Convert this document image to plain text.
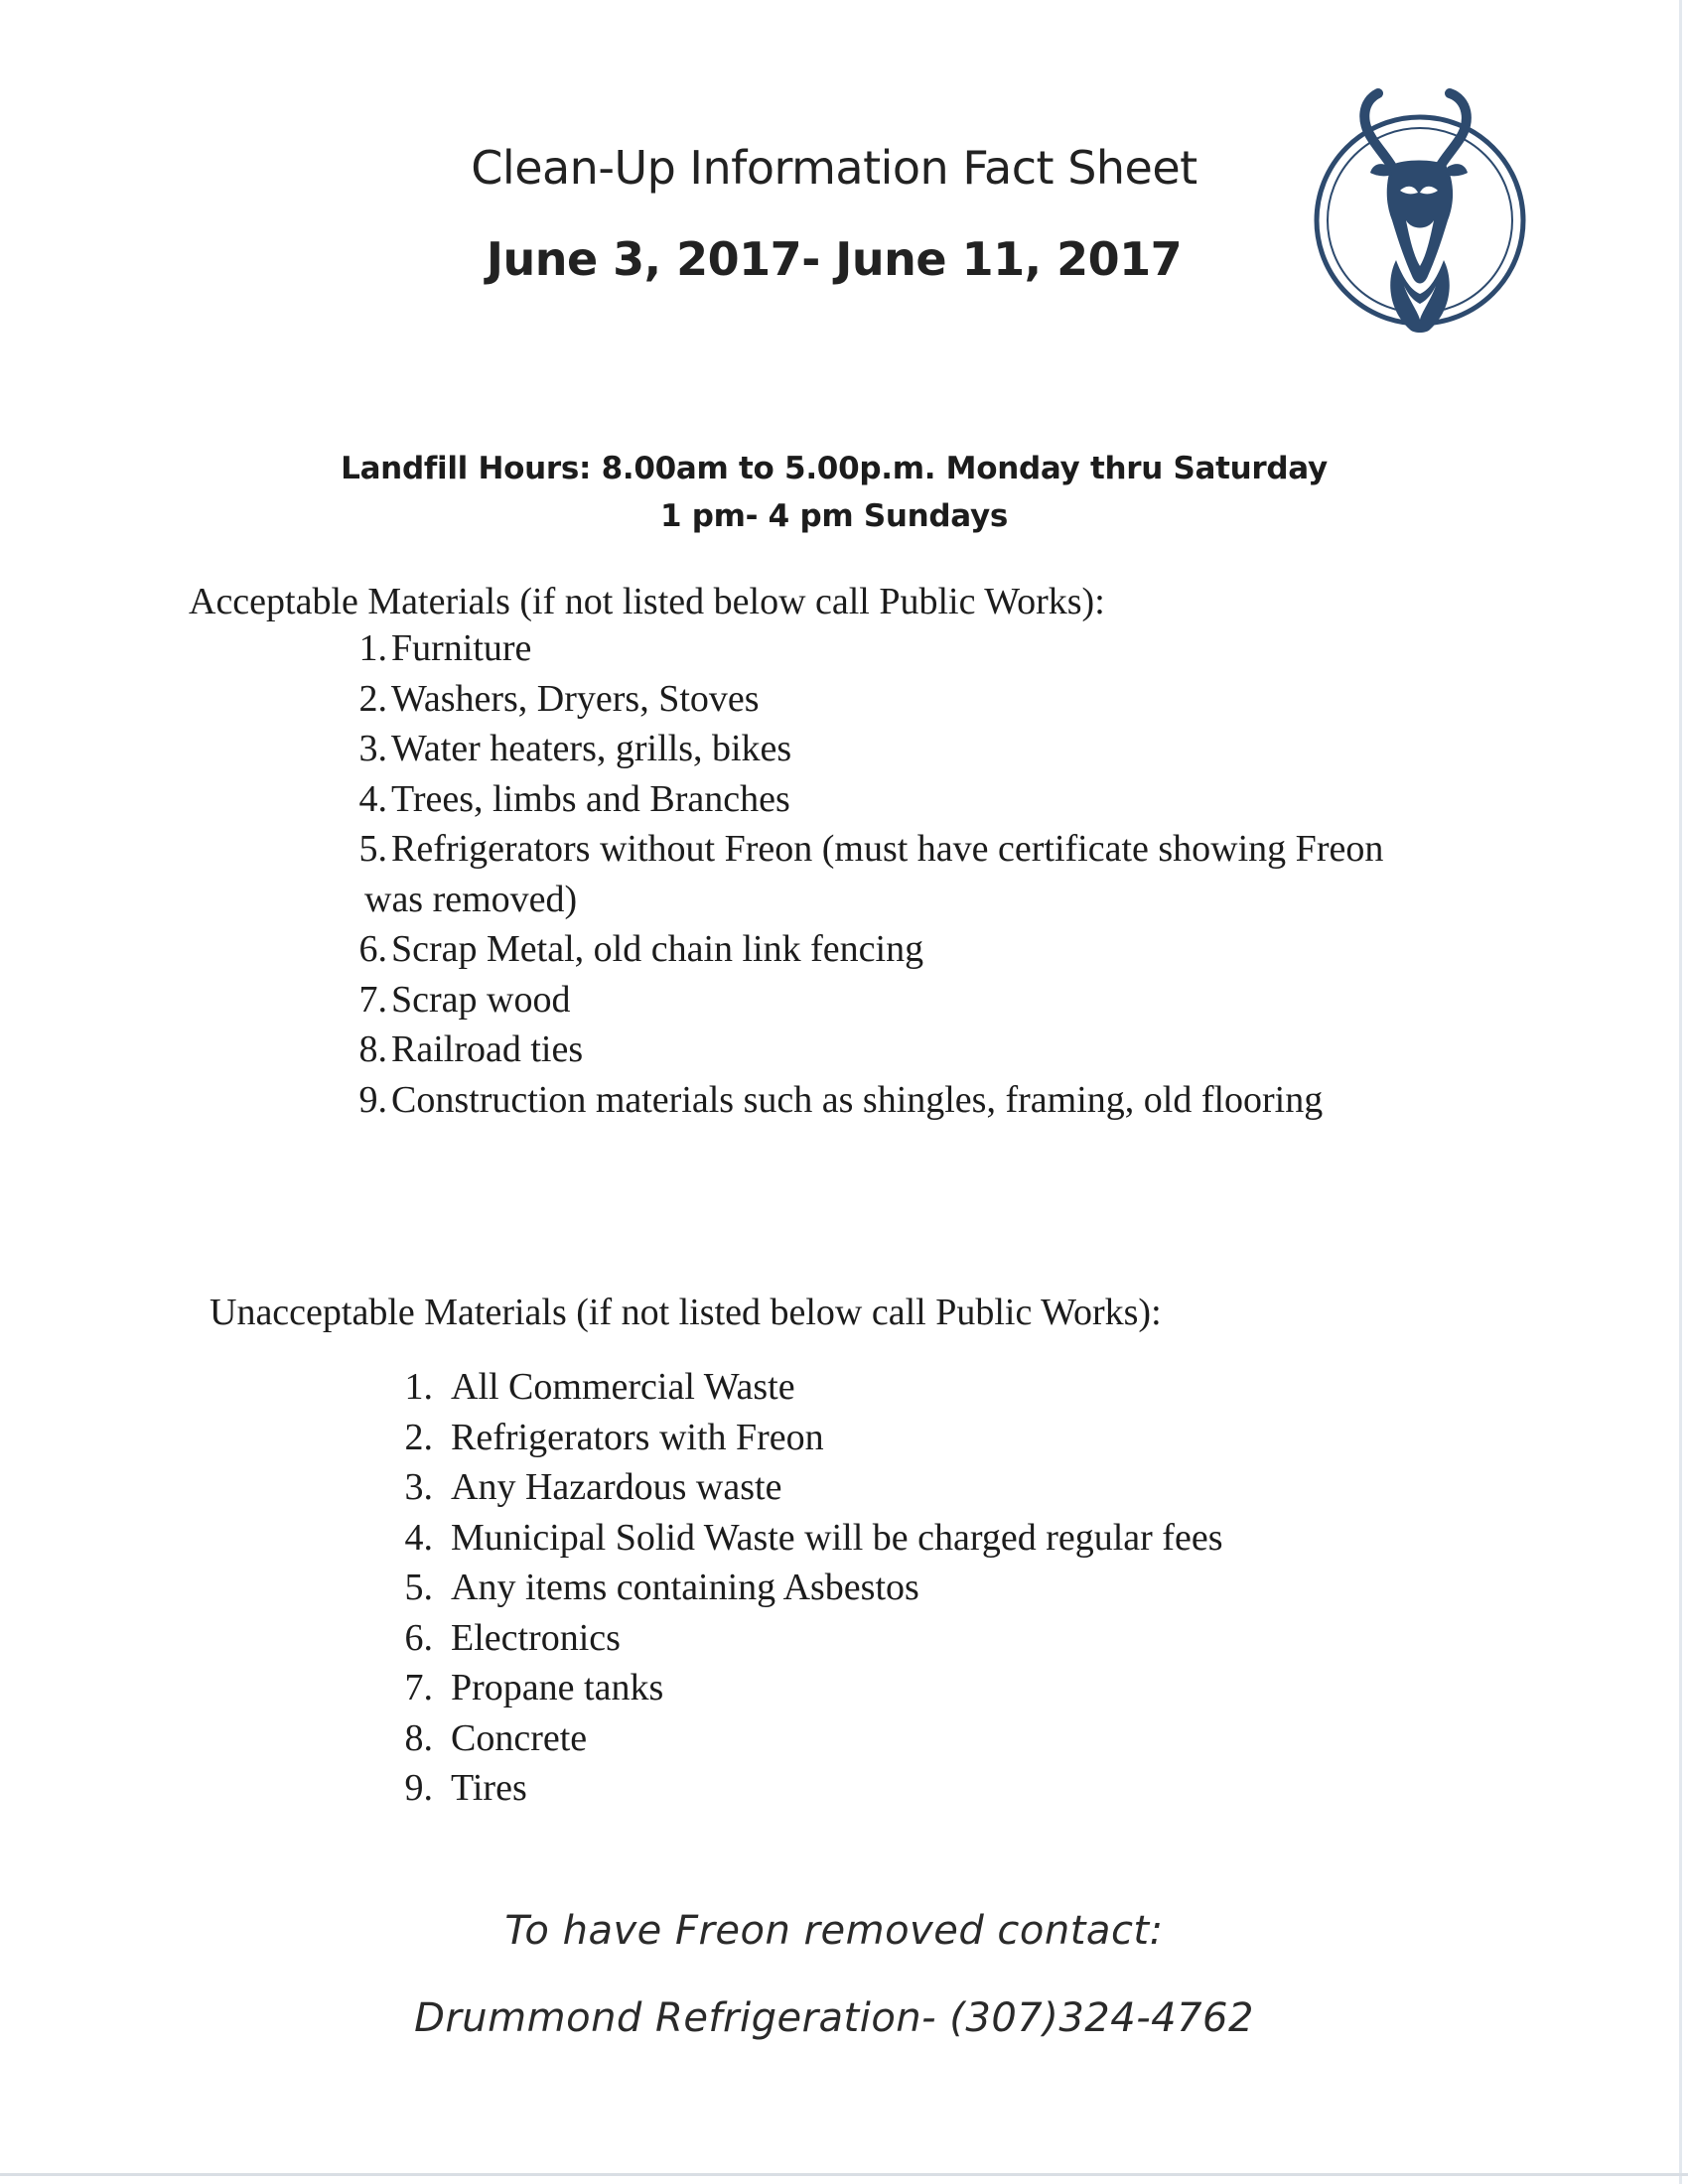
Clean-Up Information Fact Sheet
June 3, 2017- June 11, 2017
Landfill Hours: 8.00am to 5.00p.m. Monday thru Saturday
1 pm- 4 pm Sundays
Acceptable Materials (if not listed below call Public Works):
1. Furniture
2. Washers, Dryers, Stoves
3. Water heaters, grills, bikes
4. Trees, limbs and Branches
5. Refrigerators without Freon (must have certificate showing Freon
was removed)
6. Scrap Metal, old chain link fencing
7. Scrap wood
8. Railroad ties
9. Construction materials such as shingles, framing, old flooring
Unacceptable Materials (if not listed below call Public Works):
1. All Commercial Waste
2. Refrigerators with Freon
3. Any Hazardous waste
4. Municipal Solid Waste will be charged regular fees
5. Any items containing Asbestos
6. Electronics
7. Propane tanks
8. Concrete
9. Tires
To have Freon removed contact:
Drummond Refrigeration- (307)324-4762
